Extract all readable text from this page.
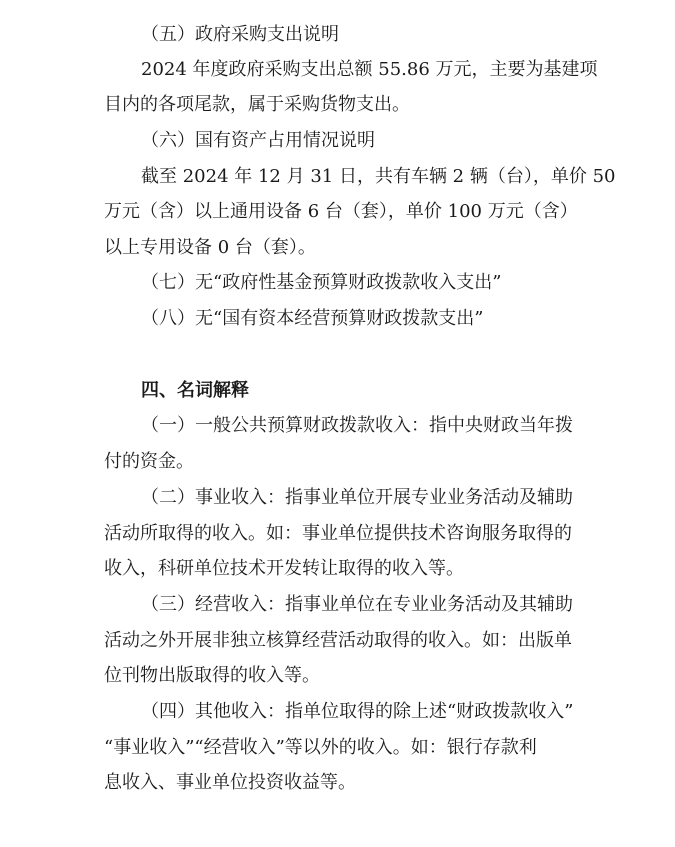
（五）政府采购支出说明
2024 年度政府采购支出总额 55.86 万元，主要为基建项
目内的各项尾款，属于采购货物支出。
（六）国有资产占用情况说明
截至 2024 年 12 月 31 日，共有车辆 2 辆（台），单价 50
万元（含）以上通用设备 6 台（套），单价 100 万元（含）
以上专用设备 0 台（套）。
（七）无“政府性基金预算财政拨款收入支出”
（八）无“国有资本经营预算财政拨款支出”
四、名词解释
（一）一般公共预算财政拨款收入：指中央财政当年拨
付的资金。
（二）事业收入：指事业单位开展专业业务活动及辅助
活动所取得的收入。如：事业单位提供技术咨询服务取得的
收入，科研单位技术开发转让取得的收入等。
（三）经营收入：指事业单位在专业业务活动及其辅助
活动之外开展非独立核算经营活动取得的收入。如：出版单
位刊物出版取得的收入等。
（四）其他收入：指单位取得的除上述“财政拨款收入”
“事业收入”“经营收入”等以外的收入。如：银行存款利
息收入、事业单位投资收益等。
